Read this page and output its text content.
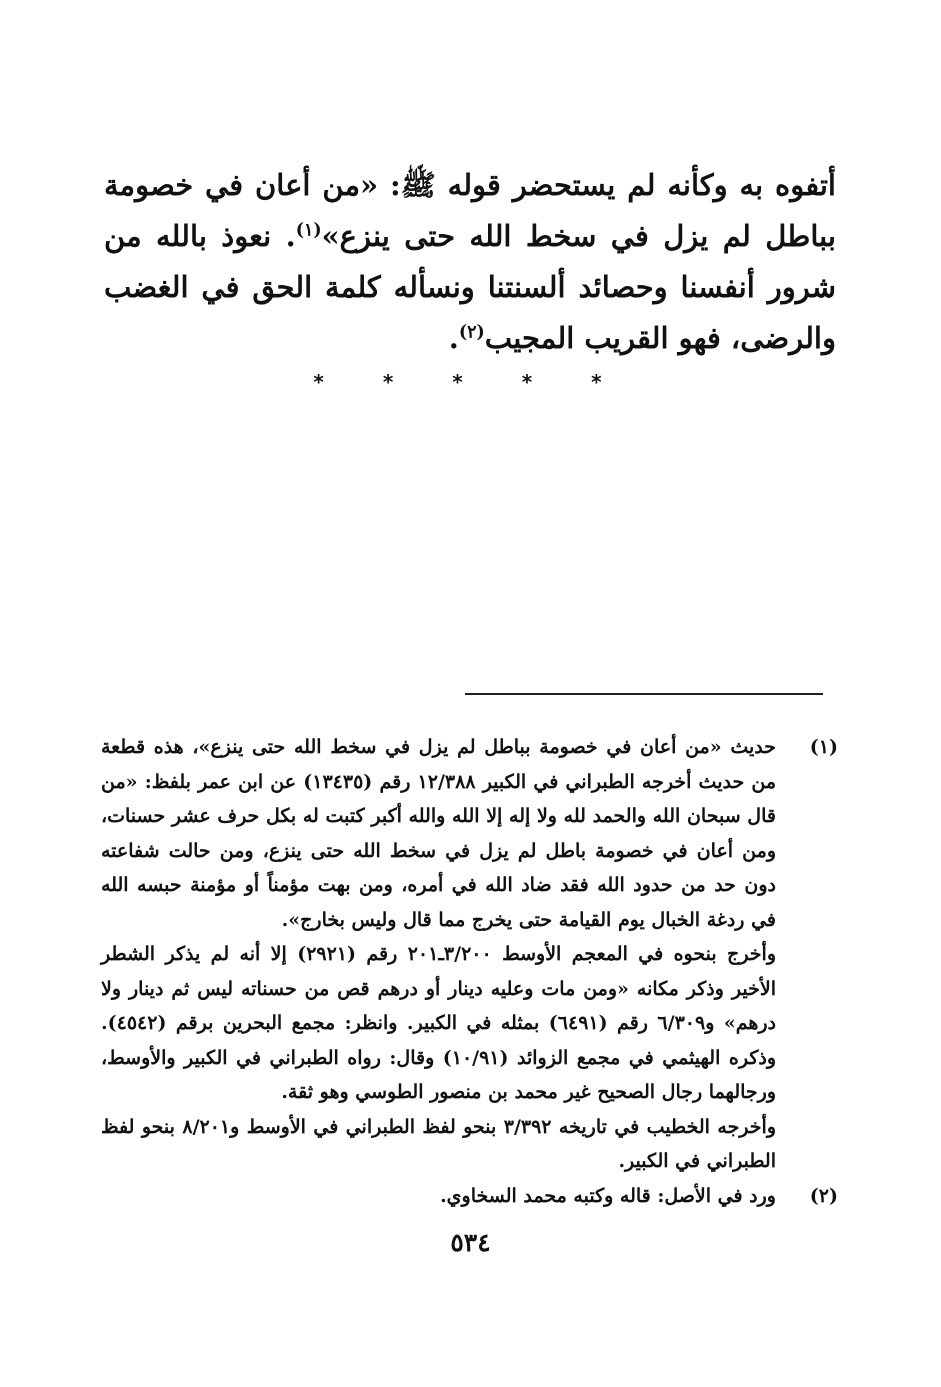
أتفوه به وكأنه لم يستحضر قوله ﷺ: «من أعان في خصومة بباطل لم يزل في سخط الله حتى ينزع»$^{(١)}$. نعوذ بالله من شرور أنفسنا وحصائد ألسنتنا ونسأله كلمة الحق في الغضب والرضى، فهو القريب المجيب$^{(٢)}$.

* * * * *
(١)

حديث «من أعان في خصومة بباطل لم يزل في سخط الله حتى ينزع»، هذه قطعة من حديث أخرجه الطبراني في الكبير ١٢/٣٨٨ رقم (١٣٤٣٥) عن ابن عمر بلفظ: «من قال سبحان الله والحمد لله ولا إله إلا الله والله أكبر كتبت له بكل حرف عشر حسنات، ومن أعان في خصومة باطل لم يزل في سخط الله حتى ينزع، ومن حالت شفاعته دون حد من حدود الله فقد ضاد الله في أمره، ومن بهت مؤمناً أو مؤمنة حبسه الله في ردغة الخبال يوم القيامة حتى يخرج مما قال وليس بخارج».

وأخرج بنحوه في المعجم الأوسط ٣/٢٠٠ـ٢٠١ رقم (٢٩٢١) إلا أنه لم يذكر الشطر الأخير وذكر مكانه «ومن مات وعليه دينار أو درهم قص من حسناته ليس ثم دينار ولا درهم» و٦/٣٠٩ رقم (٦٤٩١) بمثله في الكبير. وانظر: مجمع البحرين برقم (٤٥٤٢). وذكره الهيثمي في مجمع الزوائد (١٠/٩١) وقال: رواه الطبراني في الكبير والأوسط، ورجالهما رجال الصحيح غير محمد بن منصور الطوسي وهو ثقة.

وأخرجه الخطيب في تاريخه ٣/٣٩٢ بنحو لفظ الطبراني في الأوسط و٨/٢٠١ بنحو لفظ الطبراني في الكبير.

(٢)

ورد في الأصل: قاله وكتبه محمد السخاوي.

٥٣٤
